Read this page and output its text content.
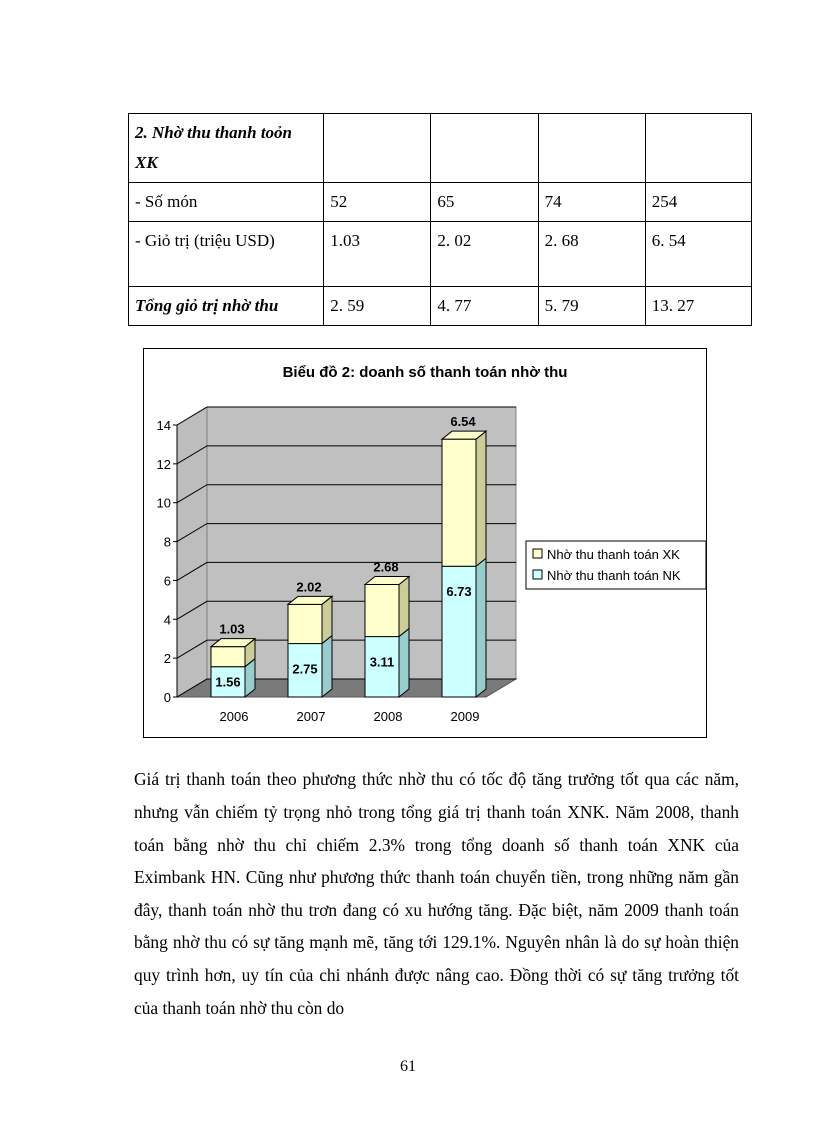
2. Nhờ thu thanh toỏn XK				
- Số món	52	65	74	254
- Giỏ trị (triệu USD)	1.03	2. 02	2. 68	6. 54
Tổng giỏ trị nhờ thu	2. 59	4. 77	5. 79	13. 27
Biểu đồ 2: doanh số thanh toán nhờ thu
0
2
4
6
8
10
12
14
1.56
1.03
2006
2.75
2.02
2007
3.11
2.68
2008
6.73
6.54
2009
Nhờ thu thanh toán XK
Nhờ thu thanh toán NK

Giá trị thanh toán theo phương thức nhờ thu có tốc độ tăng trưởng tốt qua các năm, nhưng vẫn chiếm tỷ trọng nhỏ trong tổng giá trị thanh toán XNK. Năm 2008, thanh toán bằng nhờ thu chỉ chiếm 2.3% trong tổng doanh số thanh toán XNK của Eximbank HN. Cũng như phương thức thanh toán chuyển tiền, trong những năm gần đây, thanh toán nhờ thu trơn đang có xu hướng tăng. Đặc biệt, năm 2009 thanh toán bằng nhờ thu có sự tăng mạnh mẽ, tăng tới 129.1%. Nguyên nhân là do sự hoàn thiện quy trình hơn, uy tín của chi nhánh được nâng cao. Đồng thời có sự tăng trưởng tốt của thanh toán nhờ thu còn do

61
